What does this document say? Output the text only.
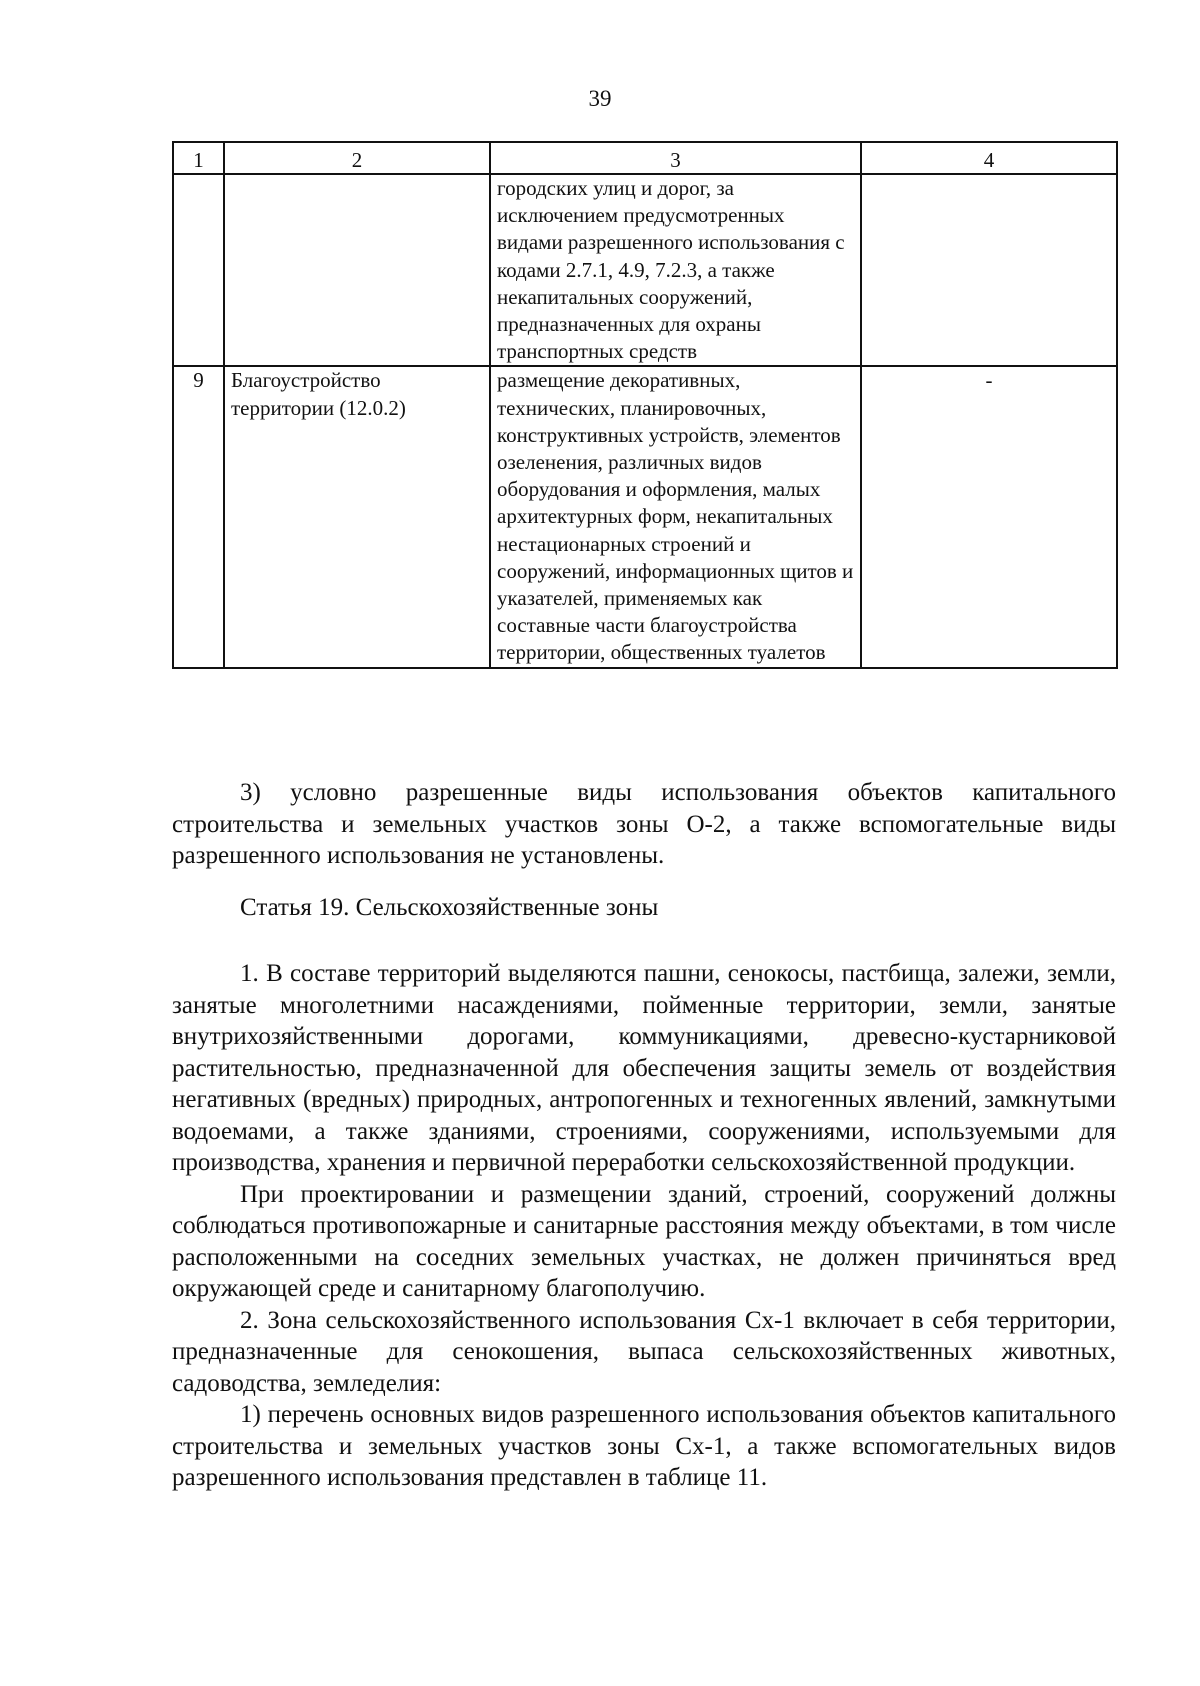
39
1	2	3	4
		городских улиц и дорог, за исключением предусмотренных видами разрешенного использования с кодами 2.7.1, 4.9, 7.2.3, а также некапитальных сооружений, предназначенных для охраны транспортных средств	
9	Благоустройство территории (12.0.2)	размещение декоративных, технических, планировочных, конструктивных устройств, элементов озеленения, различных видов оборудования и оформления, малых архитектурных форм, некапитальных нестационарных строений и сооружений, информационных щитов и указателей, применяемых как составные части благоустройства территории, общественных туалетов	-
3) условно разрешенные виды использования объектов капитального строительства и земельных участков зоны О-2, а также вспомогательные виды разрешенного использования не установлены.
Статья 19. Сельскохозяйственные зоны

1. В составе территорий выделяются пашни, сенокосы, пастбища, залежи, земли, занятые многолетними насаждениями, пойменные территории, земли, занятые внутрихозяйственными дорогами, коммуникациями, древесно-кустарниковой растительностью, предназначенной для обеспечения защиты земель от воздействия негативных (вредных) природных, антропогенных и техногенных явлений, замкнутыми водоемами, а также зданиями, строениями, сооружениями, используемыми для производства, хранения и первичной переработки сельскохозяйственной продукции.

При проектировании и размещении зданий, строений, сооружений должны соблюдаться противопожарные и санитарные расстояния между объектами, в том числе расположенными на соседних земельных участках, не должен причиняться вред окружающей среде и санитарному благополучию.

2. Зона сельскохозяйственного использования Сх-1 включает в себя территории, предназначенные для сенокошения, выпаса сельскохозяйственных животных, садоводства, земледелия:

1) перечень основных видов разрешенного использования объектов капитального строительства и земельных участков зоны Сх-1, а также вспомогательных видов разрешенного использования представлен в таблице 11.
